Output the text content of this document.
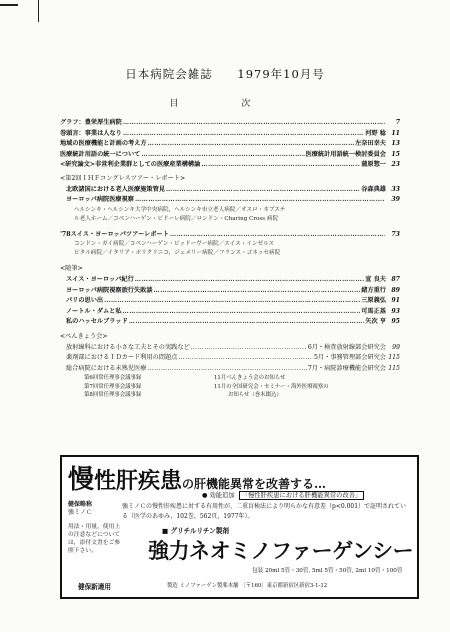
日本病院会雑誌 1979年10月号
目 次
グラフ：豊栄厚生病院 …………………………………………………………………………………………………………………………………………………………………………	7
巻頭言：事業は人なり …………………………………………………………………………………………………………………………………………………………………………	河野 稔 11
地域の医療機能と計画の考え方 …………………………………………………………………………………………………………………………………………………………………………	左奈田幸夫 13
医療統計用語の統一について …………………………………………………………………………………………………………………………………………………………………………	医療統計用語統一検討委員会 15
<研究論文>非営利企業群としての医療産業構構論 …………………………………………………………………………………………………………………………………………………………………………	蒲原惣一 23
<第2回ＩＨＦコングレスツアー・レポート>
北欧諸国における老人医療施策管見 …………………………………………………………………………………………………………………………………………………………………………	谷森典雄 33
ヨーロッパ病院医療視察 …………………………………………………………………………………………………………………………………………………………………………	39
ヘルシンキ・ヘルシンキ大学中央病院，ヘルシンキ市立老人病院／オスロ・ネブステ
ル老人ホーム／コペンハーゲン・ビドーレ病院／ロンドン・Charing Cross 病院
'78スイス・ヨーロッパツアーレポート …………………………………………………………………………………………………………………………………………………………………………	73
コンドン・ガイ病院／コペンハーゲン・ビッドーヴー病院／スイス・インゼルス
ピタル病院／イタリア・ポリクリニコ，ジェメリー病院／フランス・ゴネッセ病院
<随筆>
スイス・ヨーロッパ紀行 …………………………………………………………………………………………………………………………………………………………………………	宣 良夫 87
ヨーロッパ病院視察旅行失敗談 …………………………………………………………………………………………………………………………………………………………………………	緒方重行 89
パリの思い出 …………………………………………………………………………………………………………………………………………………………………………	三原義弘 91
ノートル・ダムと私 …………………………………………………………………………………………………………………………………………………………………………	可馬正基 93
私のハッセルブラッド …………………………………………………………………………………………………………………………………………………………………………	矢次 亨 95
<べんきょう会>
放射線科における小さな工夫とその実践など …………………………………………………………………………………………………………………………………………………………………………	6月・検査放射線部会研究会 99
薬剤部におけるＩＤカード利用の問題点 …………………………………………………………………………………………………………………………………………………………………………	5月・事務管理部会研究会 115
総合病院における未熟児医療 …………………………………………………………………………………………………………………………………………………………………………	7月・病院診療機能会研究会 115
第6回常任理事会議事録	11月べんきょう会のお知らせ
第7回常任理事会議事録	11月の全国研究会・セミナー・海外医療視察の
第8回常任理事会議事録	お知らせ（巻末綴込）
慢性肝疾患の肝機能異常を改善する…
● 効能追加 「慢性肝疾患における肝機能異常の改善」
健保略称
強ミノＣ
強ミノＣの慢性肝疾患に対する有用性が，二重盲検法により明らかな有意差（p<0.001）で証明されている（医学のあゆみ，102巻，562頁，1977年）。
用法・用量，使用上
の注意などについて
は，添付文書をご参
照下さい。
■ グリチルリチン製剤
強力ネオミノファーゲンシー
包装 20ml 5管・30管, 5ml 5管・50管, 2ml 10管・100管
健保新適用	製造 ミノファーゲン製薬本舗 〔〒160〕東京都新宿区新宿3-1-12
